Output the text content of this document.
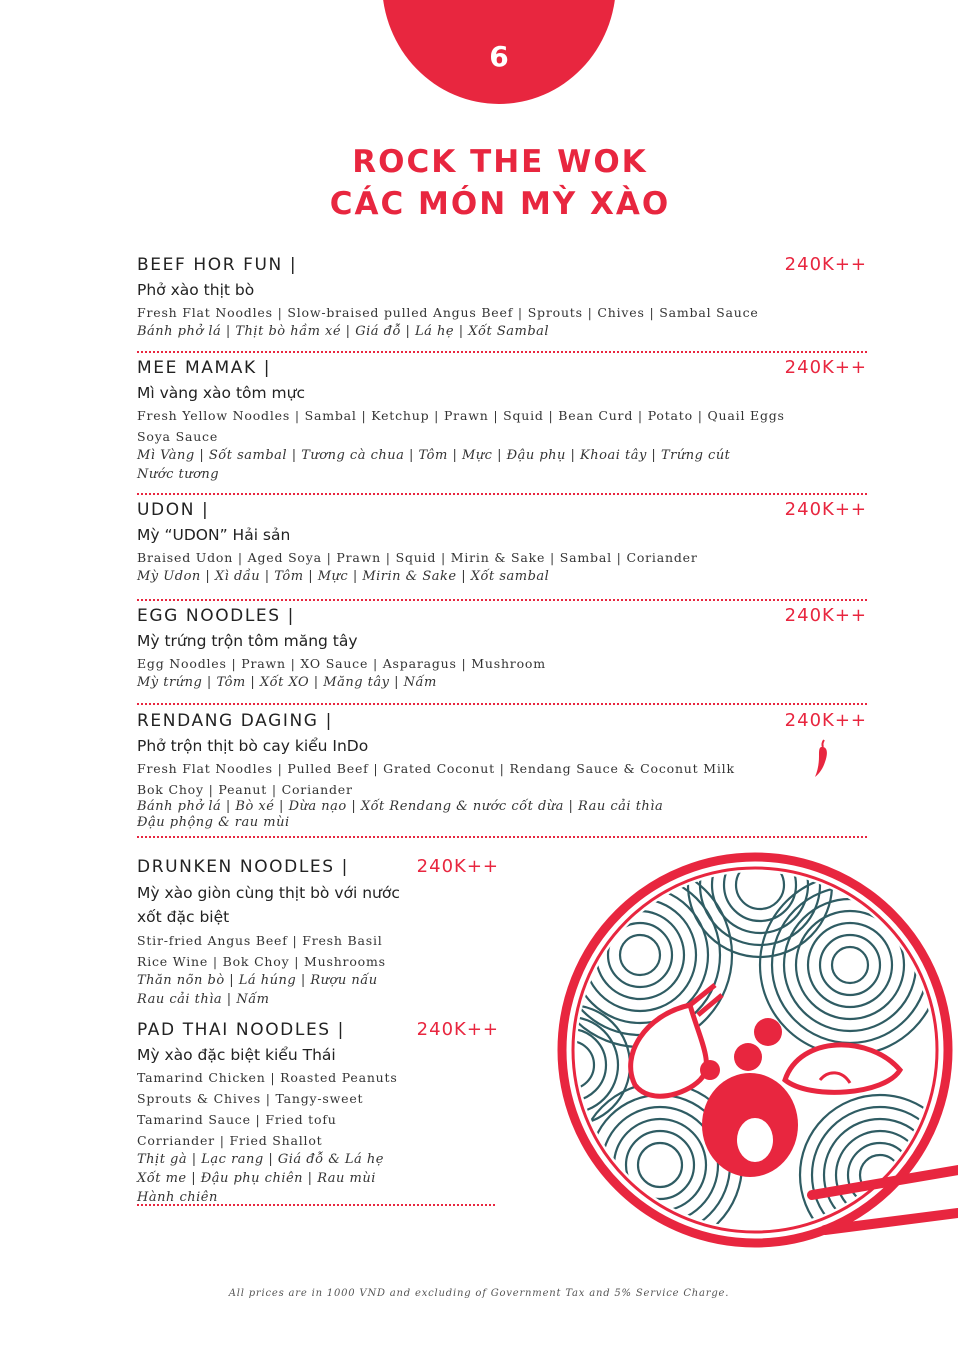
6
ROCK THE WOK
CÁC MÓN MỲ XÀO
BEEF HOR FUN |	240K++
Phở xào thịt bò
Fresh Flat Noodles | Slow-braised pulled Angus Beef | Sprouts | Chives | Sambal Sauce
Bánh phở lá | Thịt bò hầm xé | Giá đỗ | Lá hẹ | Xốt Sambal
MEE MAMAK |	240K++
Mì vàng xào tôm mực
Fresh Yellow Noodles | Sambal | Ketchup | Prawn | Squid | Bean Curd | Potato | Quail Eggs
Soya Sauce
Mì Vàng | Sốt sambal | Tương cà chua | Tôm | Mực | Đậu phụ | Khoai tây | Trứng cút
Nước tương
UDON |	240K++
Mỳ “UDON” Hải sản
Braised Udon | Aged Soya | Prawn | Squid | Mirin & Sake | Sambal | Coriander
Mỳ Udon | Xì dầu | Tôm | Mực | Mirin & Sake | Xốt sambal
EGG NOODLES |	240K++
Mỳ trứng trộn tôm măng tây
Egg Noodles | Prawn | XO Sauce | Asparagus | Mushroom
Mỳ trứng | Tôm | Xốt XO | Măng tây | Nấm
RENDANG DAGING |	240K++
Phở trộn thịt bò cay kiểu InDo
Fresh Flat Noodles | Pulled Beef | Grated Coconut | Rendang Sauce & Coconut Milk
Bok Choy | Peanut | Coriander
Bánh phở lá | Bò xé | Dừa nạo | Xốt Rendang & nước cốt dừa | Rau cải thìa
Đậu phộng & rau mùi
DRUNKEN NOODLES |	240K++
Mỳ xào giòn cùng thịt bò với nước
xốt đặc biệt
Stir-fried Angus Beef | Fresh Basil
Rice Wine | Bok Choy | Mushrooms
Thăn nõn bò | Lá húng | Rượu nấu
Rau cải thìa | Nấm
PAD THAI NOODLES |	240K++
Mỳ xào đặc biệt kiểu Thái
Tamarind Chicken | Roasted Peanuts
Sprouts & Chives | Tangy-sweet
Tamarind Sauce | Fried tofu
Corriander | Fried Shallot
Thịt gà | Lạc rang | Giá đỗ & Lá hẹ
Xốt me | Đậu phụ chiên | Rau mùi
Hành chiên
All prices are in 1000 VND and excluding of Government Tax and 5% Service Charge.
